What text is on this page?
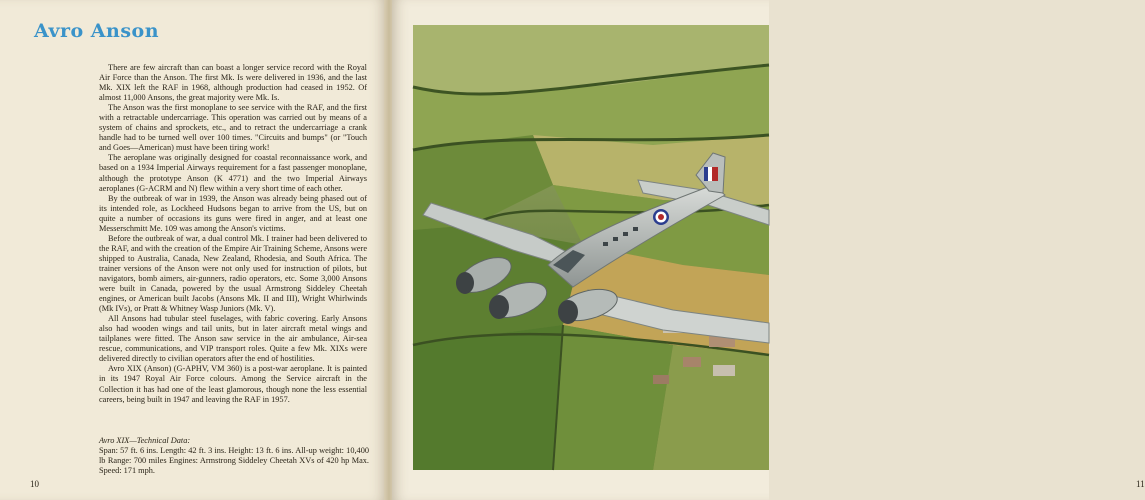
Avro Anson

There are few aircraft than can boast a longer service record with the Royal Air Force than the Anson. The first Mk. Is were delivered in 1936, and the last Mk. XIX left the RAF in 1968, although production had ceased in 1952. Of almost 11,000 Ansons, the great majority were Mk. Is.

The Anson was the first monoplane to see service with the RAF, and the first with a retractable undercarriage. This operation was carried out by means of a system of chains and sprockets, etc., and to retract the undercarriage a crank handle had to be turned well over 100 times. "Circuits and bumps" (or "Touch and Goes—American) must have been tiring work!

The aeroplane was originally designed for coastal reconnaissance work, and based on a 1934 Imperial Airways requirement for a fast passenger monoplane, although the prototype Anson (K 4771) and the two Imperial Airways aeroplanes (G-ACRM and N) flew within a very short time of each other.

By the outbreak of war in 1939, the Anson was already being phased out of its intended role, as Lockheed Hudsons began to arrive from the US, but on quite a number of occasions its guns were fired in anger, and at least one Messerschmitt Me. 109 was among the Anson's victims.

Before the outbreak of war, a dual control Mk. I trainer had been delivered to the RAF, and with the creation of the Empire Air Training Scheme, Ansons were shipped to Australia, Canada, New Zealand, Rhodesia, and South Africa. The trainer versions of the Anson were not only used for instruction of pilots, but navigators, bomb aimers, air-gunners, radio operators, etc. Some 3,000 Ansons were built in Canada, powered by the usual Armstrong Siddeley Cheetah engines, or American built Jacobs (Ansons Mk. II and III), Wright Whirlwinds (Mk IVs), or Pratt & Whitney Wasp Juniors (Mk. V).

All Ansons had tubular steel fuselages, with fabric covering. Early Ansons also had wooden wings and tail units, but in later aircraft metal wings and tailplanes were fitted. The Anson saw service in the air ambulance, Air-sea rescue, communications, and VIP transport roles. Quite a few Mk. XIXs were delivered directly to civilian operators after the end of hostilities.

Avro XIX (Anson) (G-APHV, VM 360) is a post-war aeroplane. It is painted in its 1947 Royal Air Force colours. Among the Service aircraft in the Collection it has had one of the least glamorous, though none the less essential careers, being built in 1947 and leaving the RAF in 1957.

Avro XIX—Technical Data:
Span: 57 ft. 6 ins. Length: 42 ft. 3 ins. Height: 13 ft. 6 ins. All-up weight: 10,400 lb Range: 700 miles Engines: Armstrong Siddeley Cheetah XVs of 420 hp Max. Speed: 171 mph.
10	11
